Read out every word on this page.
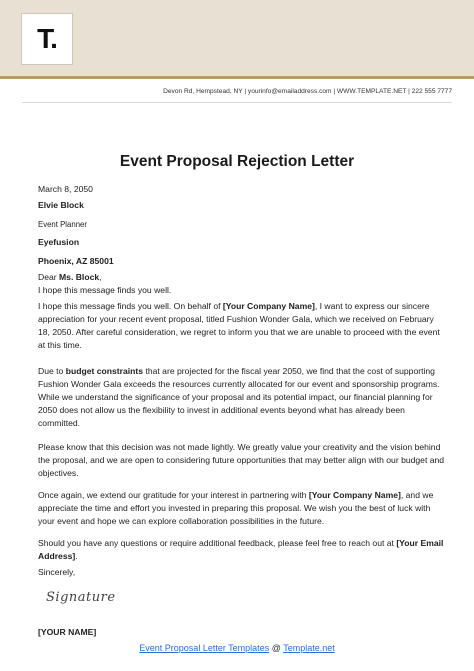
T.
Devon Rd, Hempstead, NY | yourinfo@emailaddress.com | WWW.TEMPLATE.NET | 222 555 7777
Event Proposal Rejection Letter
March 8, 2050
Elvie Block
Event Planner
Eyefusion
Phoenix, AZ 85001
Dear Ms. Block,
I hope this message finds you well.
I hope this message finds you well. On behalf of [Your Company Name], I want to express our sincere appreciation for your recent event proposal, titled Fushion Wonder Gala, which we received on February 18, 2050. After careful consideration, we regret to inform you that we are unable to proceed with the event at this time.
Due to budget constraints that are projected for the fiscal year 2050, we find that the cost of supporting Fushion Wonder Gala exceeds the resources currently allocated for our event and sponsorship programs. While we understand the significance of your proposal and its potential impact, our financial planning for 2050 does not allow us the flexibility to invest in additional events beyond what has already been committed.
Please know that this decision was not made lightly. We greatly value your creativity and the vision behind the proposal, and we are open to considering future opportunities that may better align with our budget and objectives.
Once again, we extend our gratitude for your interest in partnering with [Your Company Name], and we appreciate the time and effort you invested in preparing this proposal. We wish you the best of luck with your event and hope we can explore collaboration possibilities in the future.
Should you have any questions or require additional feedback, please feel free to reach out at [Your Email Address].
Sincerely,
Signature
[YOUR NAME]
Event Proposal Letter Templates @ Template.net
